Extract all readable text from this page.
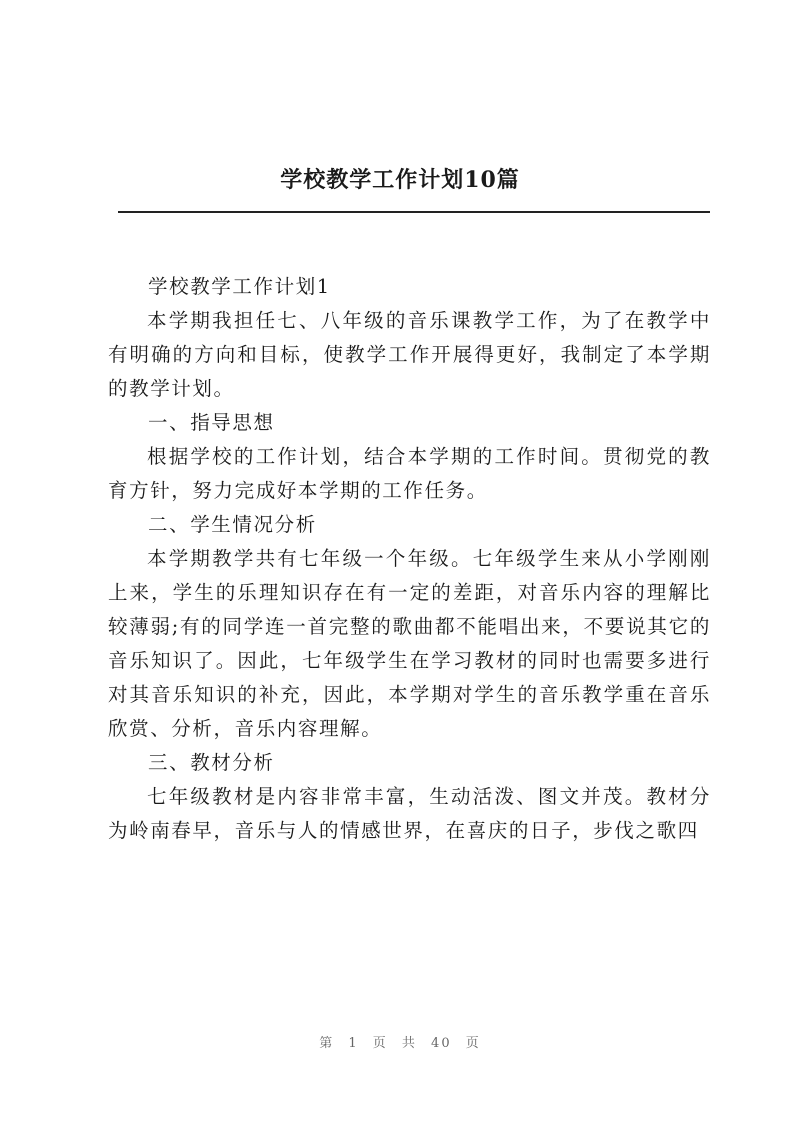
学校教学工作计划10篇

学校教学工作计划1

本学期我担任七、八年级的音乐课教学工作，为了在教学中有明确的方向和目标，使教学工作开展得更好，我制定了本学期的教学计划。

一、指导思想

根据学校的工作计划，结合本学期的工作时间。贯彻党的教育方针，努力完成好本学期的工作任务。

二、学生情况分析

本学期教学共有七年级一个年级。七年级学生来从小学刚刚上来，学生的乐理知识存在有一定的差距，对音乐内容的理解比较薄弱;有的同学连一首完整的歌曲都不能唱出来，不要说其它的音乐知识了。因此，七年级学生在学习教材的同时也需要多进行对其音乐知识的补充，因此，本学期对学生的音乐教学重在音乐欣赏、分析，音乐内容理解。

三、教材分析

七年级教材是内容非常丰富，生动活泼、图文并茂。教材分为岭南春早，音乐与人的情感世界，在喜庆的日子，步伐之歌四

第 1 页 共 40 页
